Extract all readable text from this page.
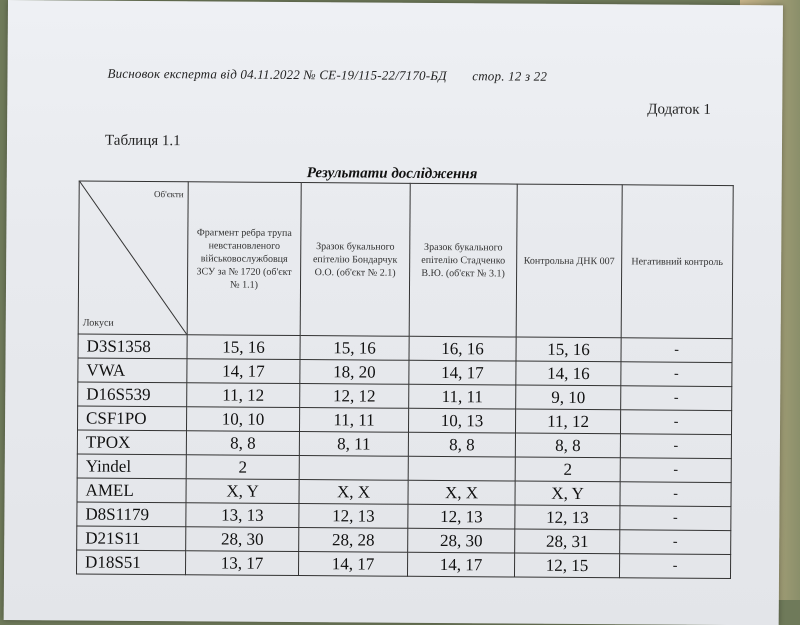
Висновок експерта від 04.11.2022 № СЕ-19/115-22/7170-БД стор. 12 з 22
Додаток 1
Таблиця 1.1
Результати дослідження
Об'єкти
Локуси	Фрагмент ребра трупа невстановленого військовослужбовця ЗСУ за № 1720 (об'єкт № 1.1)	Зразок букального епітелію Бондарчук О.О. (об'єкт № 2.1)	Зразок букального епітелію Стадченко В.Ю. (об'єкт № 3.1)	Контрольна ДНК 007	Негативний контроль

D3S1358	15, 16	15, 16	16, 16	15, 16	-
VWA	14, 17	18, 20	14, 17	14, 16	-
D16S539	11, 12	12, 12	11, 11	9, 10	-
CSF1PO	10, 10	11, 11	10, 13	11, 12	-
TPOX	8, 8	8, 11	8, 8	8, 8	-
Yindel	2			2	-
AMEL	X, Y	X, X	X, X	X, Y	-
D8S1179	13, 13	12, 13	12, 13	12, 13	-
D21S11	28, 30	28, 28	28, 30	28, 31	-
D18S51	13, 17	14, 17	14, 17	12, 15	-
